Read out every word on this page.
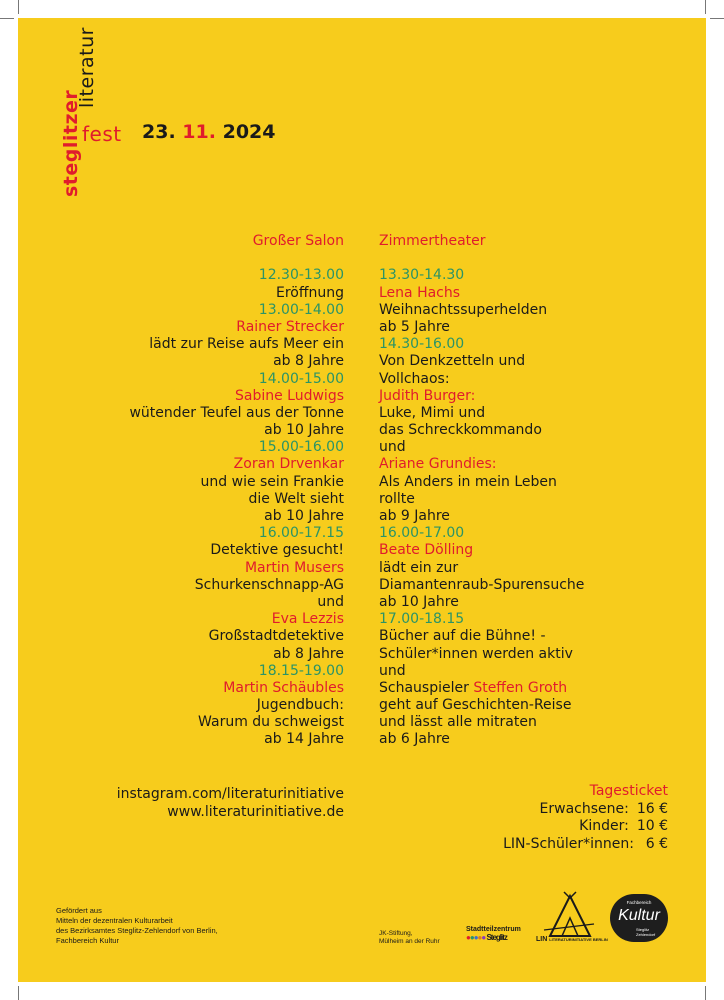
literatur
steglitzer fest 23. 11. 2024
Großer Salon
12.30-13.00
Eröffnung
13.00-14.00
Rainer Strecker
lädt zur Reise aufs Meer ein
ab 8 Jahre
14.00-15.00
Sabine Ludwigs
wütender Teufel aus der Tonne
ab 10 Jahre
15.00-16.00
Zoran Drvenkar
und wie sein Frankie
die Welt sieht
ab 10 Jahre
16.00-17.15
Detektive gesucht!
Martin Musers
Schurkenschnapp-AG
und
Eva Lezzis
Großstadtdetektive
ab 8 Jahre
18.15-19.00
Martin Schäubles
Jugendbuch:
Warum du schweigst
ab 14 Jahre
Zimmertheater
13.30-14.30
Lena Hachs
Weihnachtssuperhelden
ab 5 Jahre
14.30-16.00
Von Denkzetteln und
Vollchaos:
Judith Burger:
Luke, Mimi und
das Schreckkommando
und
Ariane Grundies:
Als Anders in mein Leben
rollte
ab 9 Jahre
16.00-17.00
Beate Dölling
lädt ein zur
Diamantenraub-Spurensuche
ab 10 Jahre
17.00-18.15
Bücher auf die Bühne! -
Schüler*innen werden aktiv
und
Schauspieler Steffen Groth
geht auf Geschichten-Reise
und lässt alle mitraten
ab 6 Jahre
instagram.com/literaturinitiative
www.literaturinitiative.de
Tagesticket
Erwachsene: 16 €
Kinder: 10 €
LIN-Schüler*innen: 6 €
Gefördert aus
Mitteln der dezentralen Kulturarbeit
des Bezirksamtes Steglitz-Zehlendorf von Berlin,
Fachbereich Kultur
JK-Stiftung,
Mülheim an der Ruhr
Stadtteilzentrum
●●●●● Steglitz	LIN LITERATURINITIATIVE BERLIN
Fachbereich
Kultur
Steglitz
Zehlendorf
